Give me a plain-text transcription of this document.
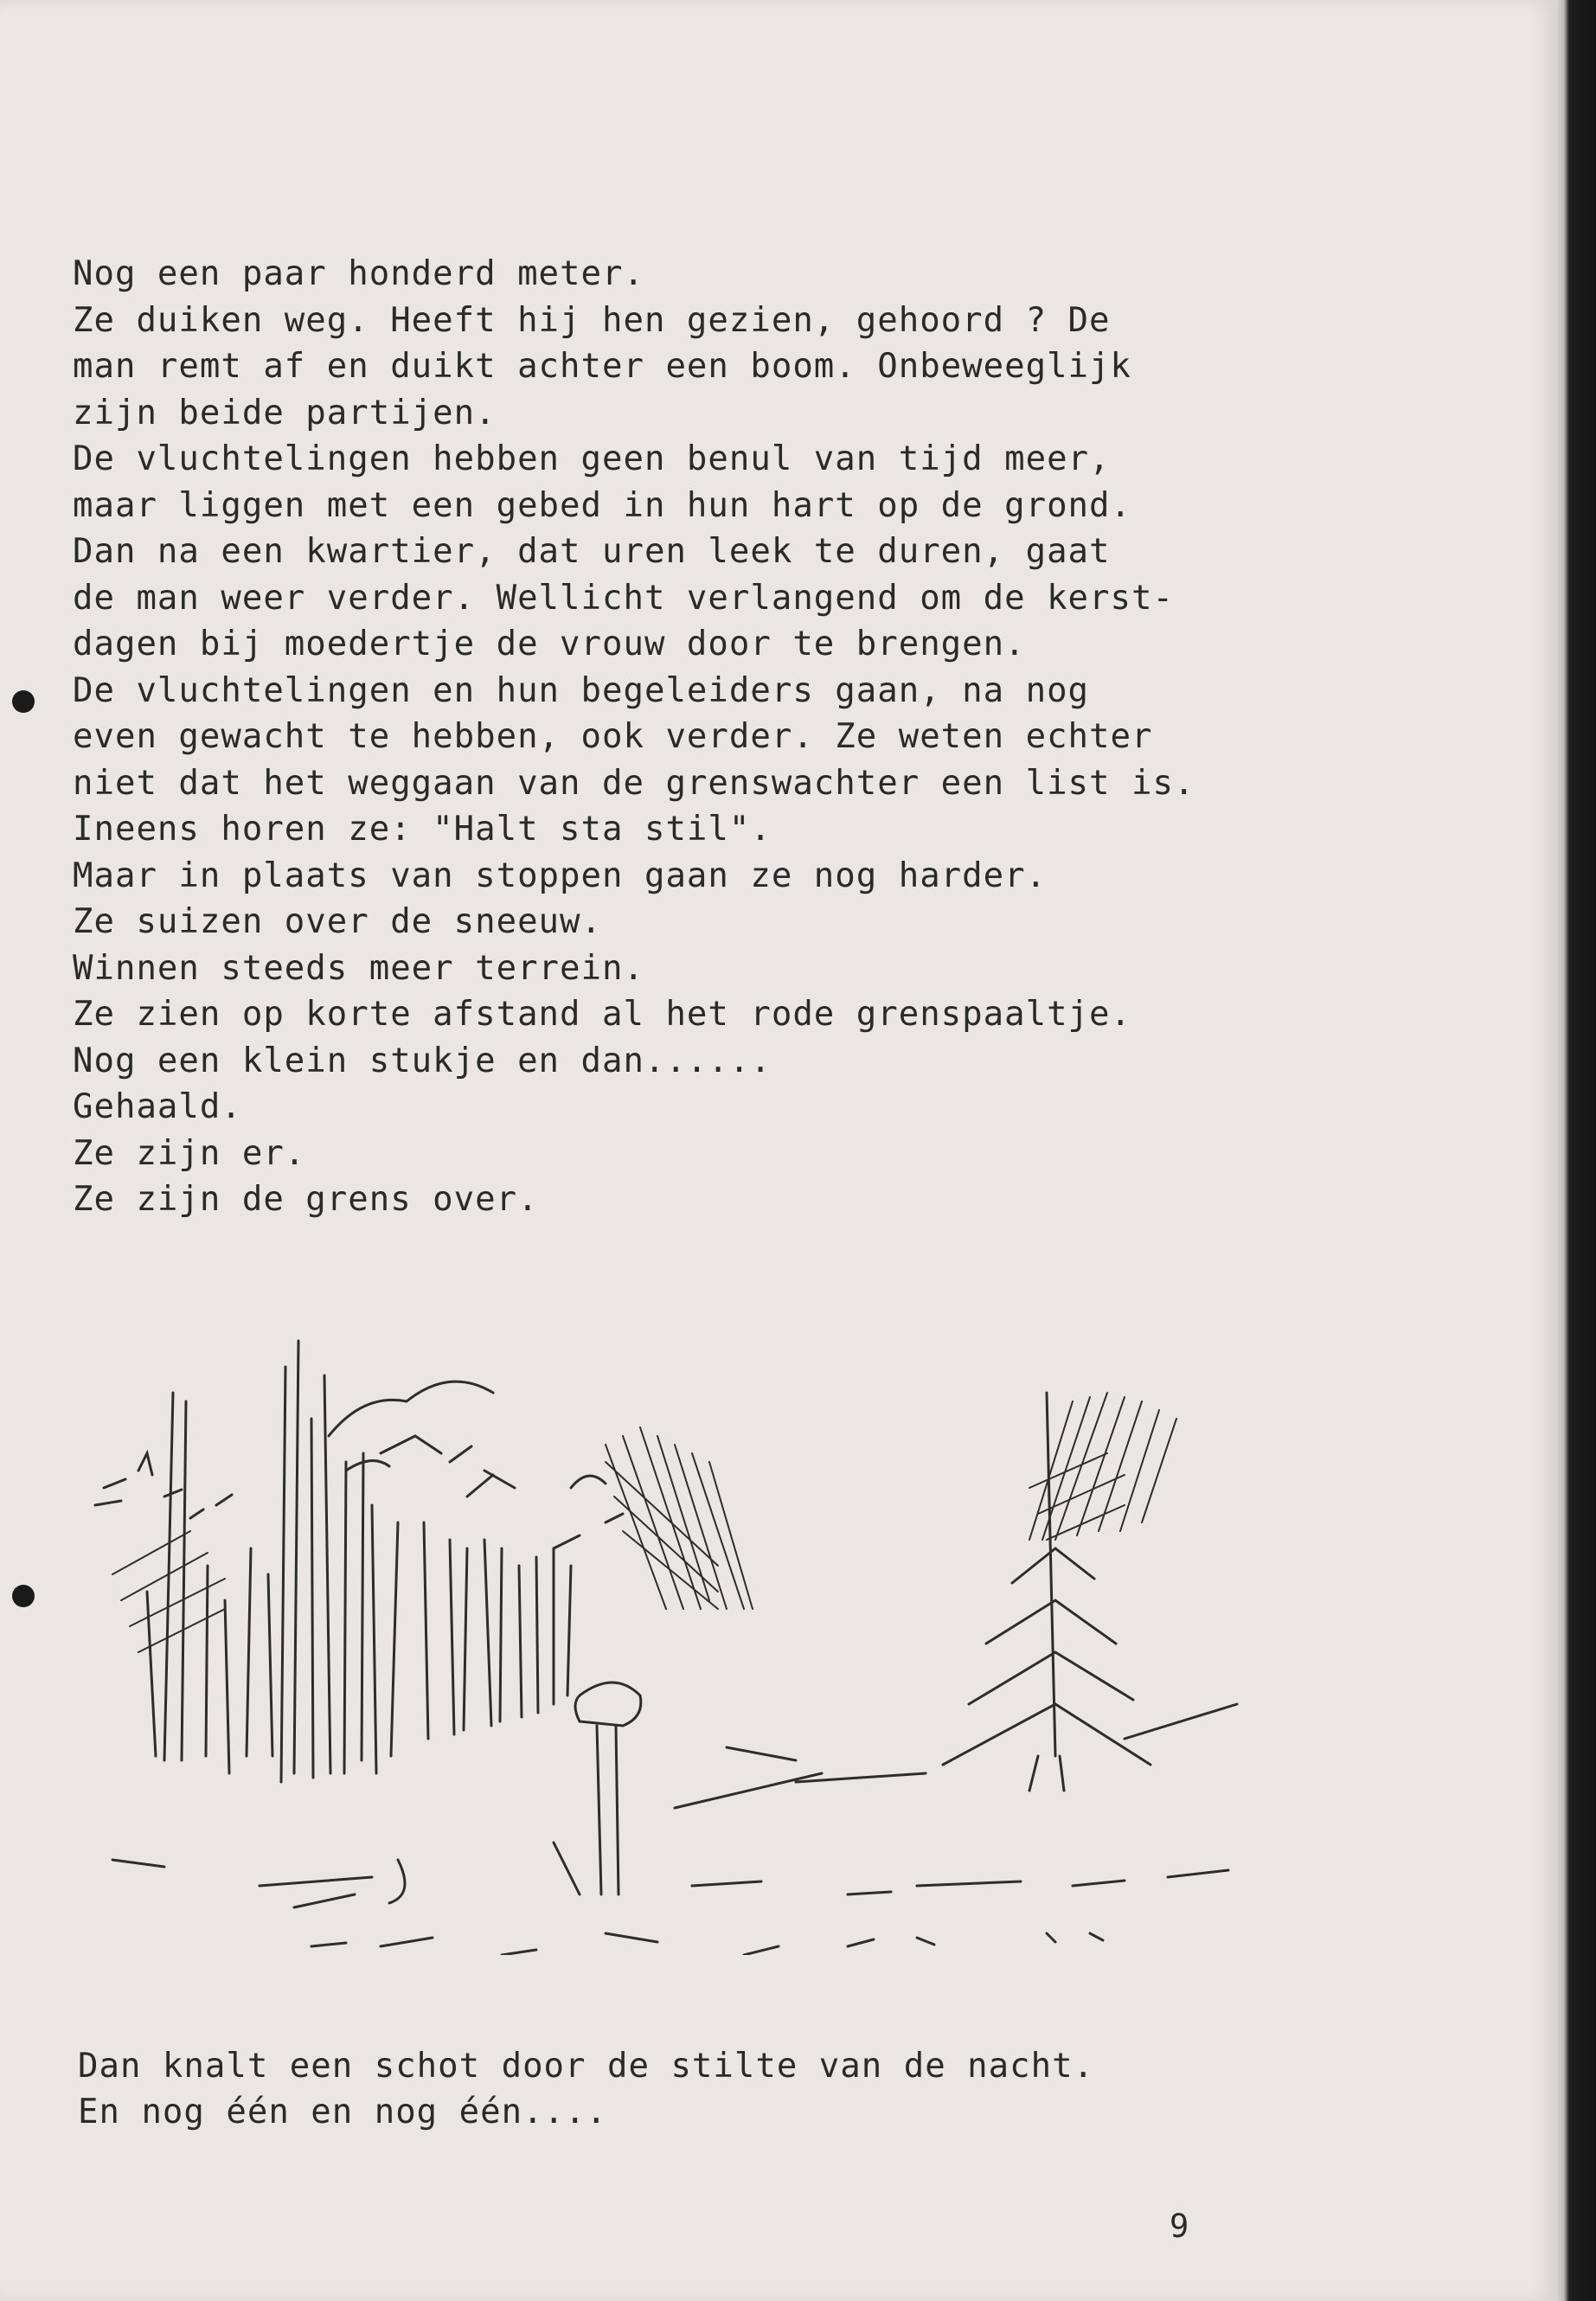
Nog een paar honderd meter.
Ze duiken weg. Heeft hij hen gezien, gehoord ? De
man remt af en duikt achter een boom. Onbeweeglijk
zijn beide partijen.
De vluchtelingen hebben geen benul van tijd meer,
maar liggen met een gebed in hun hart op de grond.
Dan na een kwartier, dat uren leek te duren, gaat
de man weer verder. Wellicht verlangend om de kerst-
dagen bij moedertje de vrouw door te brengen.
De vluchtelingen en hun begeleiders gaan, na nog
even gewacht te hebben, ook verder. Ze weten echter
niet dat het weggaan van de grenswachter een list is.
Ineens horen ze: "Halt sta stil".
Maar in plaats van stoppen gaan ze nog harder.
Ze suizen over de sneeuw.
Winnen steeds meer terrein.
Ze zien op korte afstand al het rode grenspaaltje.
Nog een klein stukje en dan......
Gehaald.
Ze zijn er.
Ze zijn de grens over.
Dan knalt een schot door de stilte van de nacht.
En nog één en nog één....
9
